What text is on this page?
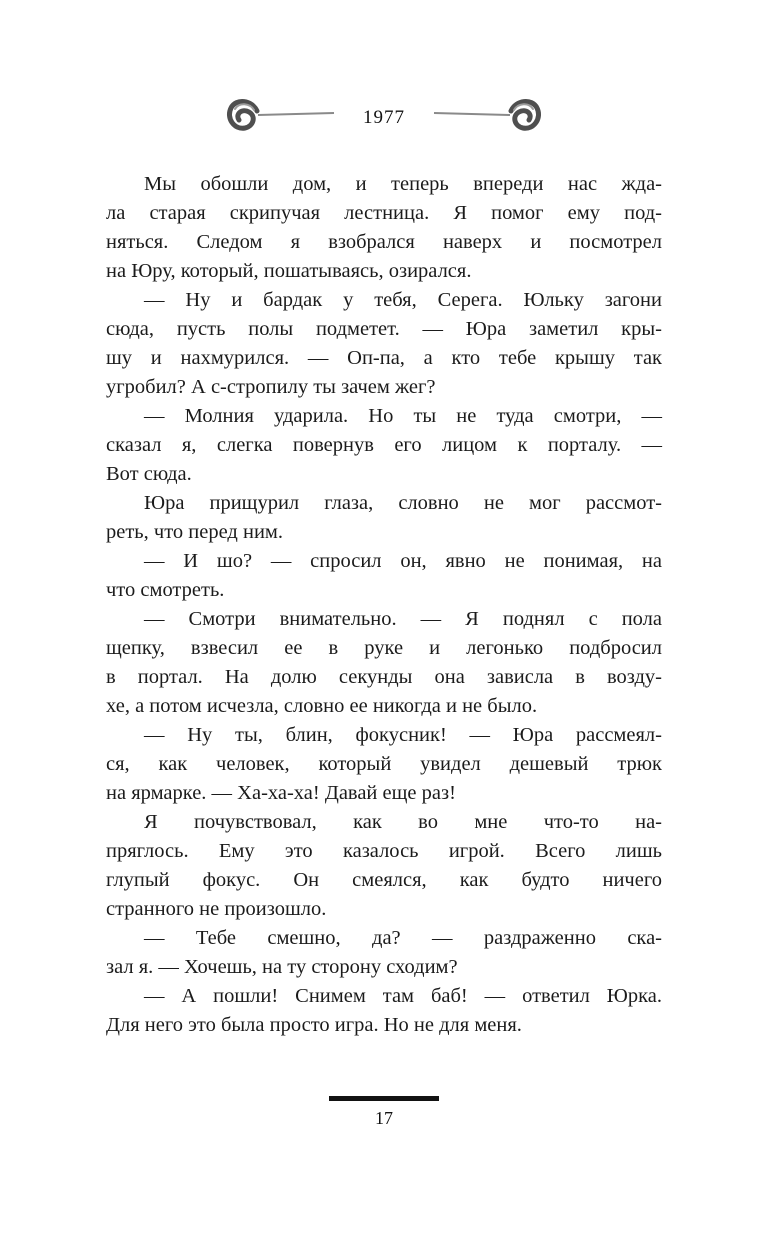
1977
Мы обошли дом, и теперь впереди нас жда-
ла старая скрипучая лестница. Я помог ему под-
няться. Следом я взобрался наверх и посмотрел
на Юру, который, пошатываясь, озирался.
— Ну и бардак у тебя, Серега. Юльку загони
сюда, пусть полы подметет. — Юра заметил кры-
шу и нахмурился. — Оп-па, а кто тебе крышу так
угробил? А с-стропилу ты зачем жег?
— Молния ударила. Но ты не туда смотри, —
сказал я, слегка повернув его лицом к порталу. —
Вот сюда.
Юра прищурил глаза, словно не мог рассмот-
реть, что перед ним.
— И шо? — спросил он, явно не понимая, на
что смотреть.
— Смотри внимательно. — Я поднял с пола
щепку, взвесил ее в руке и легонько подбросил
в портал. На долю секунды она зависла в возду-
хе, а потом исчезла, словно ее никогда и не было.
— Ну ты, блин, фокусник! — Юра рассмеял-
ся, как человек, который увидел дешевый трюк
на ярмарке. — Ха-ха-ха! Давай еще раз!
Я почувствовал, как во мне что-то на-
пряглось. Ему это казалось игрой. Всего лишь
глупый фокус. Он смеялся, как будто ничего
странного не произошло.
— Тебе смешно, да? — раздраженно ска-
зал я. — Хочешь, на ту сторону сходим?
— А пошли! Снимем там баб! — ответил Юрка.
Для него это была просто игра. Но не для меня.
17
